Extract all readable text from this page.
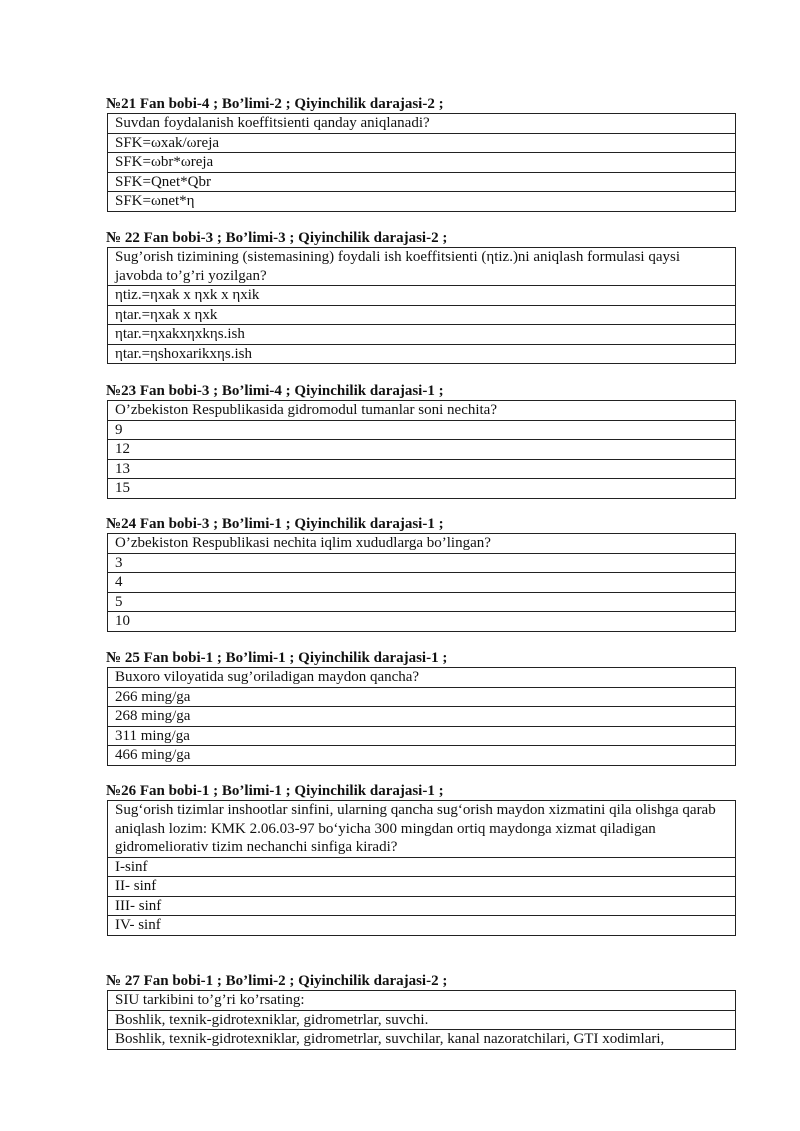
№21 Fan bobi-4 ; Bo’limi-2 ; Qiyinchilik darajasi-2 ;

Suvdan foydalanish koeffitsienti qanday aniqlanadi?
SFK=ωxak/ωreja
SFK=ωbr*ωreja
SFK=Qnet*Qbr
SFK=ωnet*η

№ 22 Fan bobi-3 ; Bo’limi-3 ; Qiyinchilik darajasi-2 ;

Sug’orish tizimining (sistemasining) foydali ish koeffitsienti (ηtiz.)ni aniqlash formulasi qaysi javobda to’g’ri yozilgan?
ηtiz.=ηxak x ηxk x ηxik
ηtar.=ηxak x ηxk
ηtar.=ηxakxηxkηs.ish
ηtar.=ηshoxarikxηs.ish

№23 Fan bobi-3 ; Bo’limi-4 ; Qiyinchilik darajasi-1 ;

O’zbekiston Respublikasida gidromodul tumanlar soni nechita?
9
12
13
15

№24 Fan bobi-3 ; Bo’limi-1 ; Qiyinchilik darajasi-1 ;

O’zbekiston Respublikasi nechita iqlim xududlarga bo’lingan?
3
4
5
10

№ 25 Fan bobi-1 ; Bo’limi-1 ; Qiyinchilik darajasi-1 ;

Buxoro viloyatida sug’oriladigan maydon qancha?
266 ming/ga
268 ming/ga
311 ming/ga
466 ming/ga

№26 Fan bobi-1 ; Bo’limi-1 ; Qiyinchilik darajasi-1 ;

Sug‘orish tizimlar inshootlar sinfini, ularning qancha sug‘orish maydon xizmatini qila olishga qarab aniqlash lozim: KMK 2.06.03-97 bo‘yicha 300 mingdan ortiq maydonga xizmat qiladigan gidromeliorativ tizim nechanchi sinfiga kiradi?
I-sinf
II- sinf
III- sinf
IV- sinf

№ 27 Fan bobi-1 ; Bo’limi-2 ; Qiyinchilik darajasi-2 ;

SIU tarkibini to’g’ri ko’rsating:
Boshlik, texnik-gidrotexniklar, gidrometrlar, suvchi.
Boshlik, texnik-gidrotexniklar, gidrometrlar, suvchilar, kanal nazoratchilari, GTI xodimlari,
